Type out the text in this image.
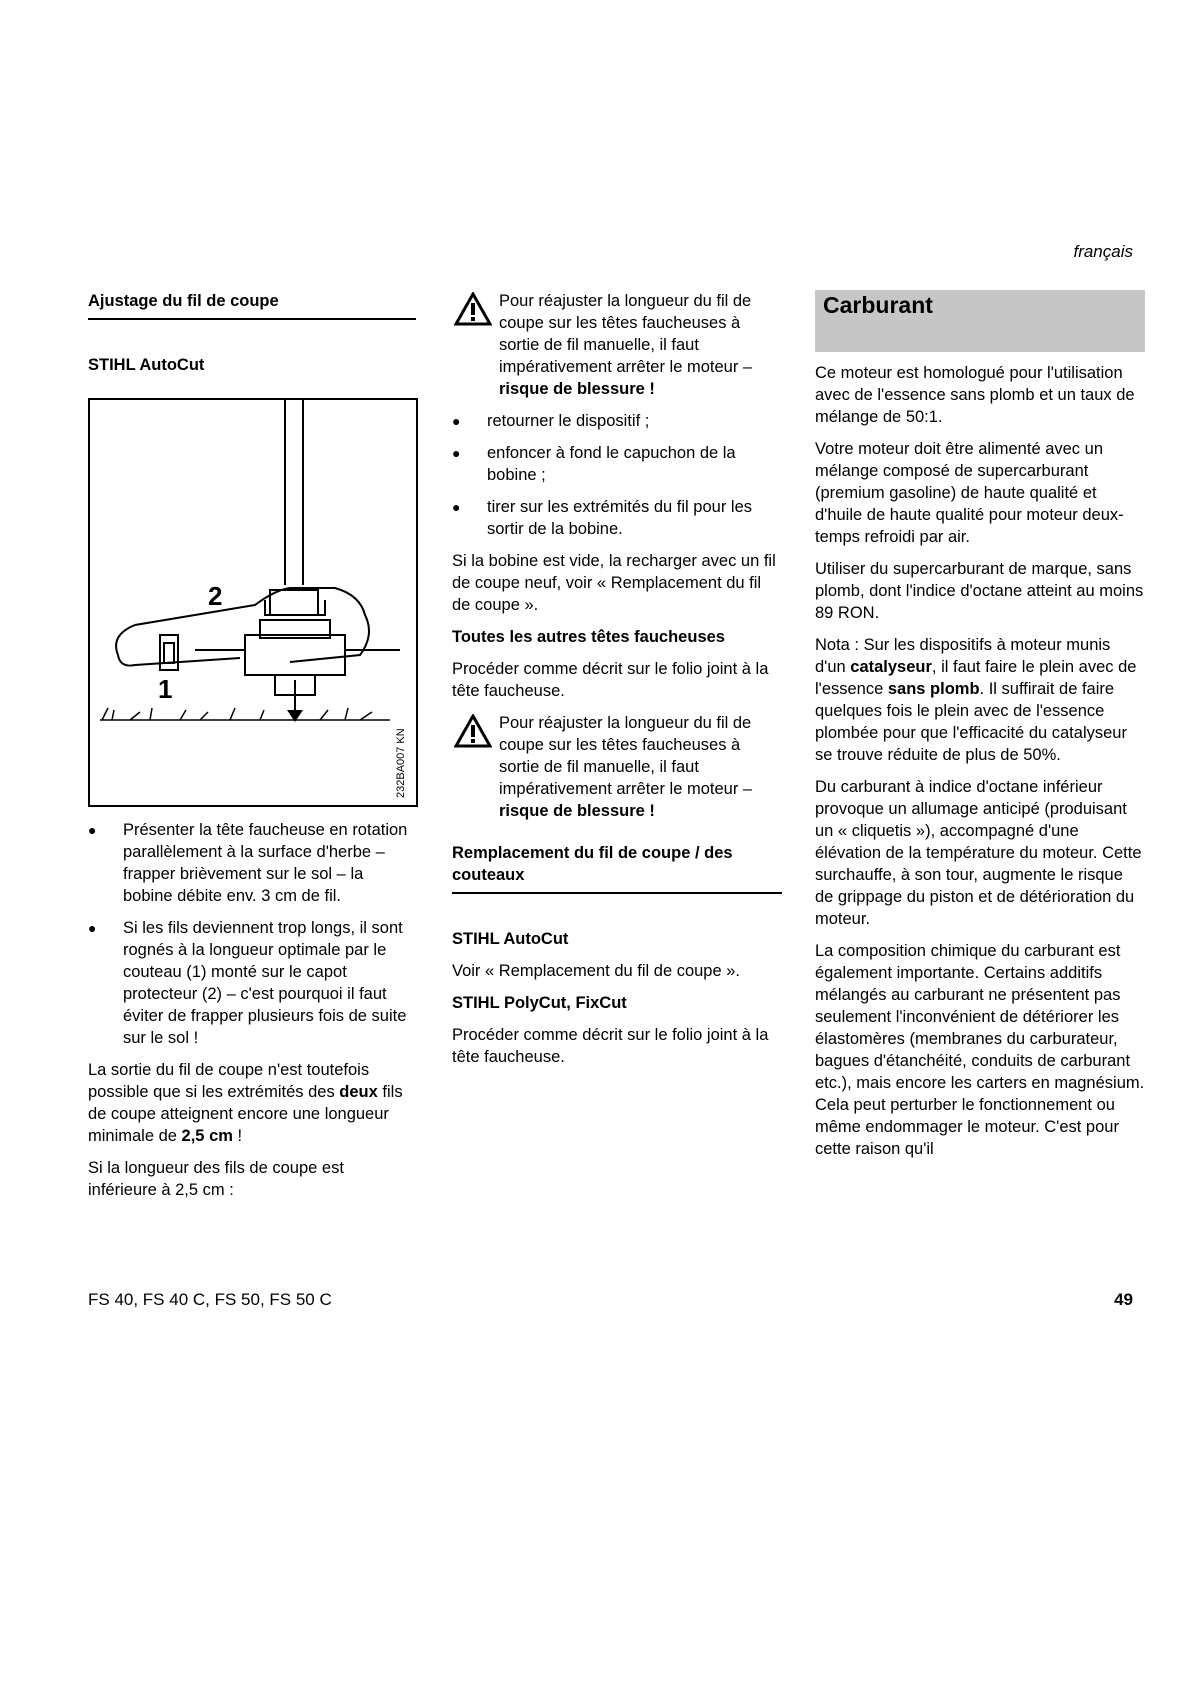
français

Ajustage du fil de coupe

STIHL AutoCut

2
1
232BA007 KN
● Présenter la tête faucheuse en rotation parallèlement à la surface d'herbe – frapper brièvement sur le sol – la bobine débite env. 3 cm de fil.
● Si les fils deviennent trop longs, il sont rognés à la longueur optimale par le couteau (1) monté sur le capot protecteur (2) – c'est pourquoi il faut éviter de frapper plusieurs fois de suite sur le sol !

La sortie du fil de coupe n'est toutefois possible que si les extrémités des deux fils de coupe atteignent encore une longueur minimale de 2,5 cm !

Si la longueur des fils de coupe est inférieure à 2,5 cm :

Pour réajuster la longueur du fil de coupe sur les têtes faucheuses à sortie de fil manuelle, il faut impérativement arrêter le moteur – risque de blessure !
● retourner le dispositif ;
● enfoncer à fond le capuchon de la bobine ;
● tirer sur les extrémités du fil pour les sortir de la bobine.

Si la bobine est vide, la recharger avec un fil de coupe neuf, voir « Remplacement du fil de coupe ».

Toutes les autres têtes faucheuses

Procéder comme décrit sur le folio joint à la tête faucheuse.

Pour réajuster la longueur du fil de coupe sur les têtes faucheuses à sortie de fil manuelle, il faut impérativement arrêter le moteur – risque de blessure !

Remplacement du fil de coupe / des couteaux

STIHL AutoCut

Voir « Remplacement du fil de coupe ».

STIHL PolyCut, FixCut

Procéder comme décrit sur le folio joint à la tête faucheuse.

Carburant

Ce moteur est homologué pour l'utilisation avec de l'essence sans plomb et un taux de mélange de 50:1.

Votre moteur doit être alimenté avec un mélange composé de supercarburant (premium gasoline) de haute qualité et d'huile de haute qualité pour moteur deux-temps refroidi par air.

Utiliser du supercarburant de marque, sans plomb, dont l'indice d'octane atteint au moins 89 RON.

Nota : Sur les dispositifs à moteur munis d'un catalyseur, il faut faire le plein avec de l'essence sans plomb. Il suffirait de faire quelques fois le plein avec de l'essence plombée pour que l'efficacité du catalyseur se trouve réduite de plus de 50%.

Du carburant à indice d'octane inférieur provoque un allumage anticipé (produisant un « cliquetis »), accompagné d'une élévation de la température du moteur. Cette surchauffe, à son tour, augmente le risque de grippage du piston et de détérioration du moteur.

La composition chimique du carburant est également importante. Certains additifs mélangés au carburant ne présentent pas seulement l'inconvénient de détériorer les élastomères (membranes du carburateur, bagues d'étanchéité, conduits de carburant etc.), mais encore les carters en magnésium. Cela peut perturber le fonctionnement ou même endommager le moteur. C'est pour cette raison qu'il

FS 40, FS 40 C, FS 50, FS 50 C	49
